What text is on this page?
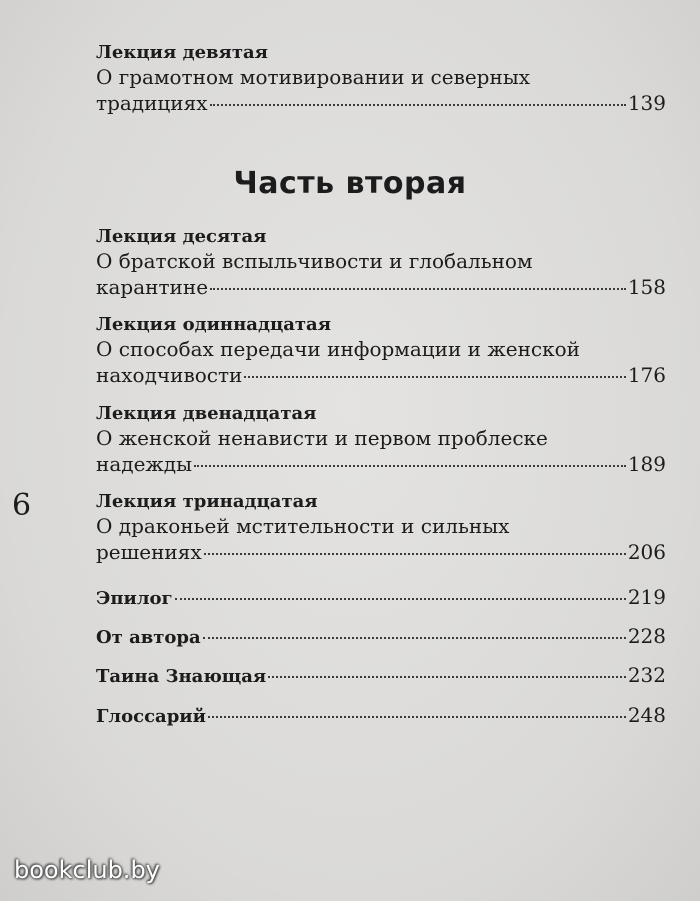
Лекция девятая
О грамотном мотивировании и северных
традициях	139
Часть вторая
Лекция десятая
О братской вспыльчивости и глобальном
карантине	158
Лекция одиннадцатая
О способах передачи информации и женской
находчивости	176
Лекция двенадцатая
О женской ненависти и первом проблеске
надежды	189
6	Лекция тринадцатая
О драконьей мстительности и сильных
решениях	206
Эпилог	219
От автора	228
Таина Знающая	232
Глоссарий	248
bookclub.by
